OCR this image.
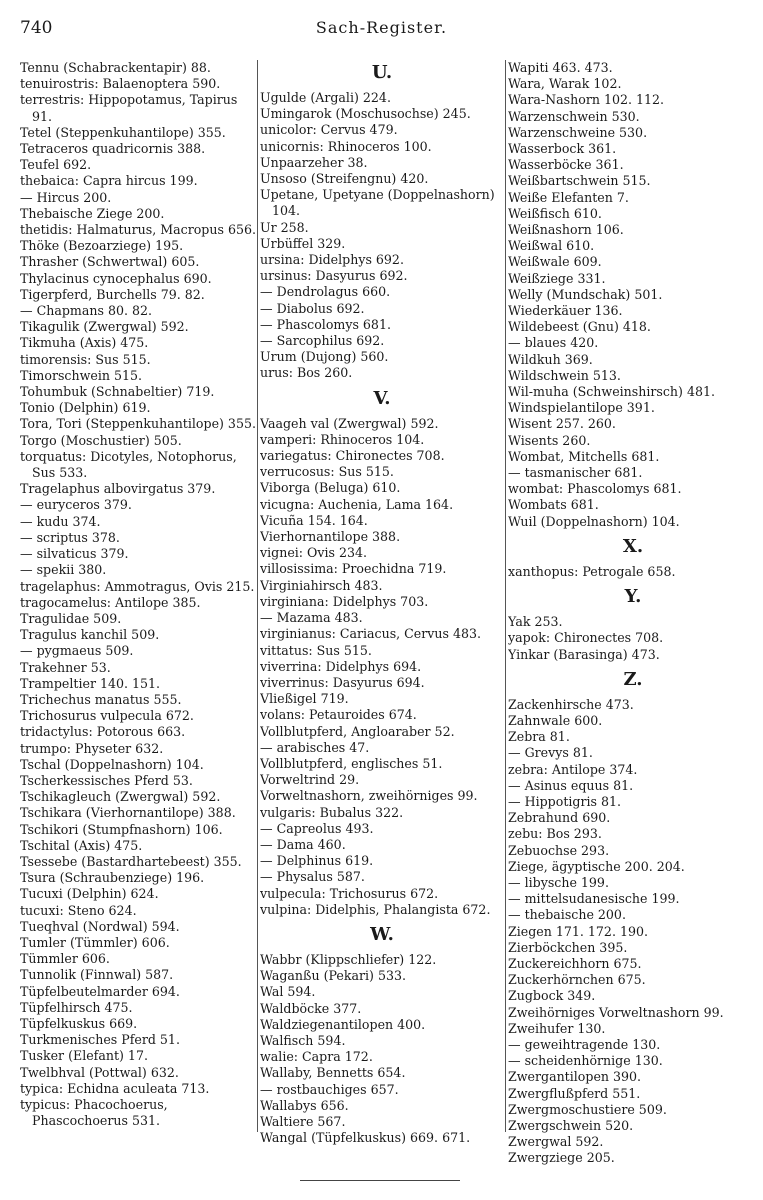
740	Sach-Register.
Tennu (Schabrackentapir) 88.
tenuirostris: Balaenoptera 590.
terrestris: Hippopotamus, Tapirus 91.
Tetel (Steppenkuhantilope) 355.
Tetraceros quadricornis 388.
Teufel 692.
thebaica: Capra hircus 199.
— Hircus 200.
Thebaische Ziege 200.
thetidis: Halmaturus, Macropus 656.
Thöke (Bezoarziege) 195.
Thrasher (Schwertwal) 605.
Thylacinus cynocephalus 690.
Tigerpferd, Burchells 79. 82.
— Chapmans 80. 82.
Tikagulik (Zwergwal) 592.
Tikmuha (Axis) 475.
timorensis: Sus 515.
Timorschwein 515.
Tohumbuk (Schnabeltier) 719.
Tonio (Delphin) 619.
Tora, Tori (Steppenkuhantilope) 355.
Torgo (Moschustier) 505.
torquatus: Dicotyles, Notophorus, Sus 533.
Tragelaphus albovirgatus 379.
— euryceros 379.
— kudu 374.
— scriptus 378.
— silvaticus 379.
— spekii 380.
tragelaphus: Ammotragus, Ovis 215.
tragocamelus: Antilope 385.
Tragulidae 509.
Tragulus kanchil 509.
— pygmaeus 509.
Trakehner 53.
Trampeltier 140. 151.
Trichechus manatus 555.
Trichosurus vulpecula 672.
tridactylus: Potorous 663.
trumpo: Physeter 632.
Tschal (Doppelnashorn) 104.
Tscherkessisches Pferd 53.
Tschikagleuch (Zwergwal) 592.
Tschikara (Vierhornantilope) 388.
Tschikori (Stumpfnashorn) 106.
Tschital (Axis) 475.
Tsessebe (Bastardhartebeest) 355.
Tsura (Schraubenziege) 196.
Tucuxi (Delphin) 624.
tucuxi: Steno 624.
Tueqhval (Nordwal) 594.
Tumler (Tümmler) 606.
Tümmler 606.
Tunnolik (Finnwal) 587.
Tüpfelbeutelmarder 694.
Tüpfelhirsch 475.
Tüpfelkuskus 669.
Turkmenisches Pferd 51.
Tusker (Elefant) 17.
Twelbhval (Pottwal) 632.
typica: Echidna aculeata 713.
typicus: Phacochoerus, Phascochoerus 531.
U.
Ugulde (Argali) 224.
Umingarok (Moschusochse) 245.
unicolor: Cervus 479.
unicornis: Rhinoceros 100.
Unpaarzeher 38.
Unsoso (Streifengnu) 420.
Upetane, Upetyane (Doppelnashorn) 104.
Ur 258.
Urbüffel 329.
ursina: Didelphys 692.
ursinus: Dasyurus 692.
— Dendrolagus 660.
— Diabolus 692.
— Phascolomys 681.
— Sarcophilus 692.
Urum (Dujong) 560.
urus: Bos 260.
V.
Vaageh val (Zwergwal) 592.
vamperi: Rhinoceros 104.
variegatus: Chironectes 708.
verrucosus: Sus 515.
Viborga (Beluga) 610.
vicugna: Auchenia, Lama 164.
Vicuña 154. 164.
Vierhornantilope 388.
vignei: Ovis 234.
villosissima: Proechidna 719.
Virginiahirsch 483.
virginiana: Didelphys 703.
— Mazama 483.
virginianus: Cariacus, Cervus 483.
vittatus: Sus 515.
viverrina: Didelphys 694.
viverrinus: Dasyurus 694.
Vließigel 719.
volans: Petauroides 674.
Vollblutpferd, Angloaraber 52.
— arabisches 47.
Vollblutpferd, englisches 51.
Vorweltrind 29.
Vorweltnashorn, zweihörniges 99.
vulgaris: Bubalus 322.
— Capreolus 493.
— Dama 460.
— Delphinus 619.
— Physalus 587.
vulpecula: Trichosurus 672.
vulpina: Didelphis, Phalangista 672.
W.
Wabbr (Klippschliefer) 122.
Waganßu (Pekari) 533.
Wal 594.
Waldböcke 377.
Waldziegenantilopen 400.
Walfisch 594.
walie: Capra 172.
Wallaby, Bennetts 654.
— rostbauchiges 657.
Wallabys 656.
Waltiere 567.
Wangal (Tüpfelkuskus) 669. 671.
Wapiti 463. 473.
Wara, Warak 102.
Wara-Nashorn 102. 112.
Warzenschwein 530.
Warzenschweine 530.
Wasserbock 361.
Wasserböcke 361.
Weißbartschwein 515.
Weiße Elefanten 7.
Weißfisch 610.
Weißnashorn 106.
Weißwal 610.
Weißwale 609.
Weißziege 331.
Welly (Mundschak) 501.
Wiederkäuer 136.
Wildebeest (Gnu) 418.
— blaues 420.
Wildkuh 369.
Wildschwein 513.
Wil-muha (Schweinshirsch) 481.
Windspielantilope 391.
Wisent 257. 260.
Wisents 260.
Wombat, Mitchells 681.
— tasmanischer 681.
wombat: Phascolomys 681.
Wombats 681.
Wuil (Doppelnashorn) 104.
X.
xanthopus: Petrogale 658.
Y.
Yak 253.
yapok: Chironectes 708.
Yinkar (Barasinga) 473.
Z.
Zackenhirsche 473.
Zahnwale 600.
Zebra 81.
— Grevys 81.
zebra: Antilope 374.
— Asinus equus 81.
— Hippotigris 81.
Zebrahund 690.
zebu: Bos 293.
Zebuochse 293.
Ziege, ägyptische 200. 204.
— libysche 199.
— mittelsudanesische 199.
— thebaische 200.
Ziegen 171. 172. 190.
Zierböckchen 395.
Zuckereichhorn 675.
Zuckerhörnchen 675.
Zugbock 349.
Zweihörniges Vorweltnashorn 99.
Zweihufer 130.
— geweihtragende 130.
— scheidenhörnige 130.
Zwergantilopen 390.
Zwergflußpferd 551.
Zwergmoschustiere 509.
Zwergschwein 520.
Zwergwal 592.
Zwergziege 205.
